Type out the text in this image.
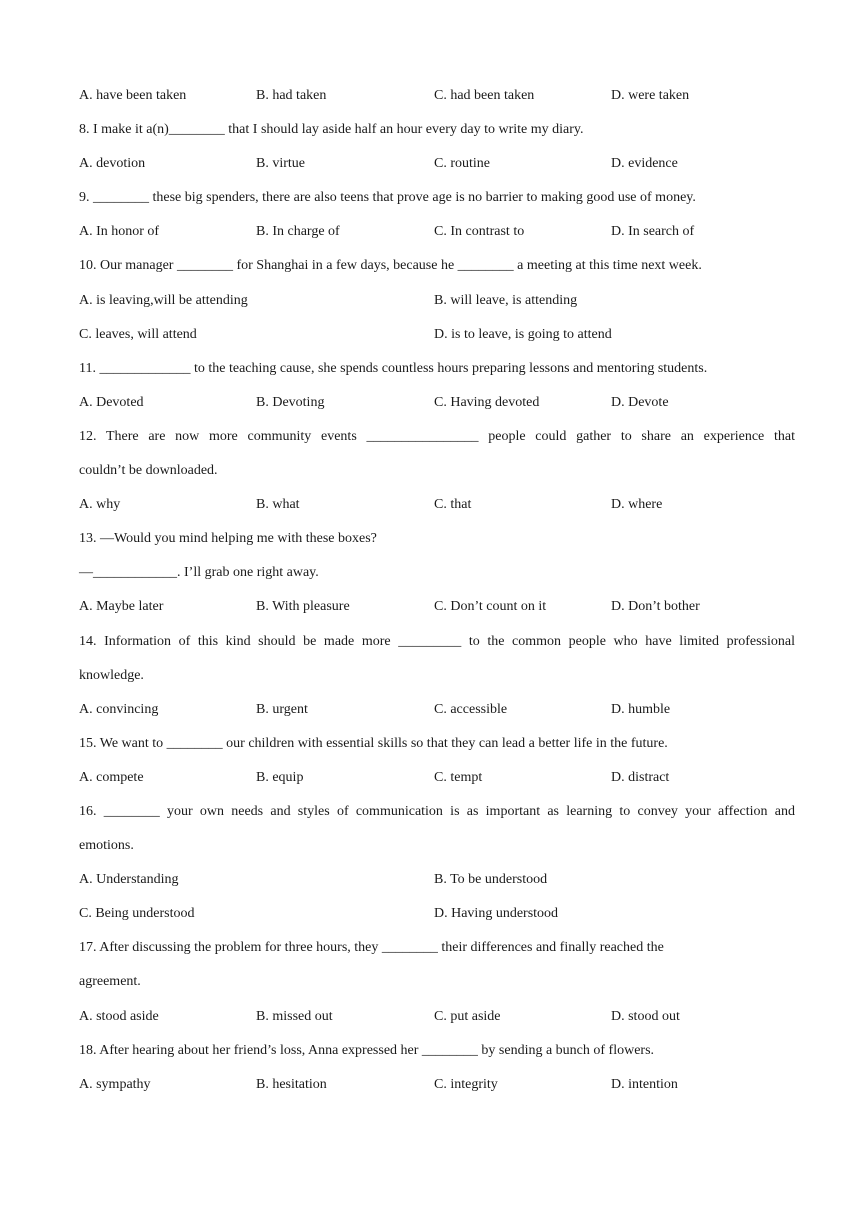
A. have been taken	B. had taken	C. had been taken	D. were taken
8. I make it a(n)________ that I should lay aside half an hour every day to write my diary.
A. devotion	B. virtue	C. routine	D. evidence
9. ________ these big spenders, there are also teens that prove age is no barrier to making good use of money.
A. In honor of	B. In charge of	C. In contrast to	D. In search of
10. Our manager ________ for Shanghai in a few days, because he ________ a meeting at this time next week.
A. is leaving,will be attending	B. will leave, is attending
C. leaves, will attend	D. is to leave, is going to attend
11. _____________ to the teaching cause, she spends countless hours preparing lessons and mentoring students.
A. Devoted	B. Devoting	C. Having devoted	D. Devote
12. There are now more community events ________________ people could gather to share an experience that
couldn’t be downloaded.
A. why	B. what	C. that	D. where
13. —Would you mind helping me with these boxes?
—____________. I’ll grab one right away.
A. Maybe later	B. With pleasure	C. Don’t count on it	D. Don’t bother
14. Information of this kind should be made more _________ to the common people who have limited professional
knowledge.
A. convincing	B. urgent	C. accessible	D. humble
15. We want to ________ our children with essential skills so that they can lead a better life in the future.
A. compete	B. equip	C. tempt	D. distract
16. ________ your own needs and styles of communication is as important as learning to convey your affection and
emotions.
A. Understanding	B. To be understood
C. Being understood	D. Having understood
17. After discussing the problem for three hours, they ________ their differences and finally reached the
agreement.
A. stood aside	B. missed out	C. put aside	D. stood out
18. After hearing about her friend’s loss, Anna expressed her ________ by sending a bunch of flowers.
A. sympathy	B. hesitation	C. integrity	D. intention
